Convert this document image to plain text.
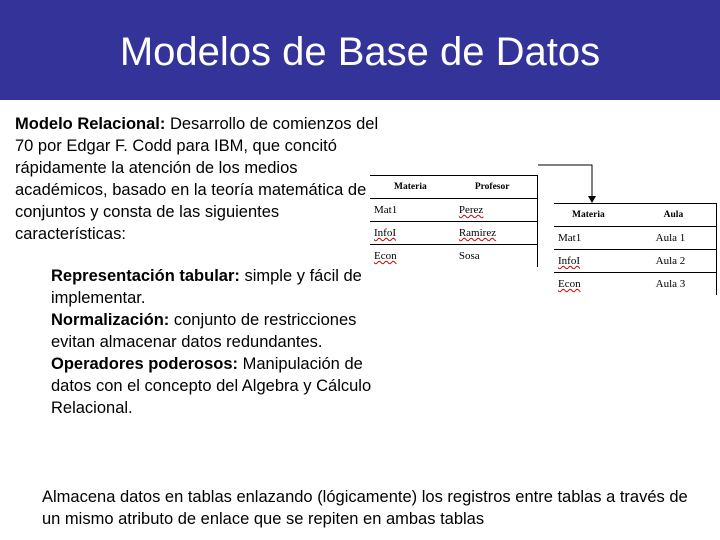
Modelos de Base de Datos
Modelo Relacional: Desarrollo de comienzos del 70 por Edgar F. Codd para IBM, que concitó rápidamente la atención de los medios académicos, basado en la teoría matemática de conjuntos y consta de las siguientes características:

Representación tabular: simple y fácil de implementar.

Normalización: conjunto de restricciones evitan almacenar datos redundantes.

Operadores poderosos: Manipulación de datos con el concepto del Algebra y Cálculo Relacional.

Materia	Profesor
Mat1	Perez
InfoI	Ramirez
Econ	Sosa
Materia	Aula
Mat1	Aula 1
InfoI	Aula 2
Econ	Aula 3
Almacena datos en tablas enlazando (lógicamente) los registros entre tablas a través de un mismo atributo de enlace que se repiten en ambas tablas
